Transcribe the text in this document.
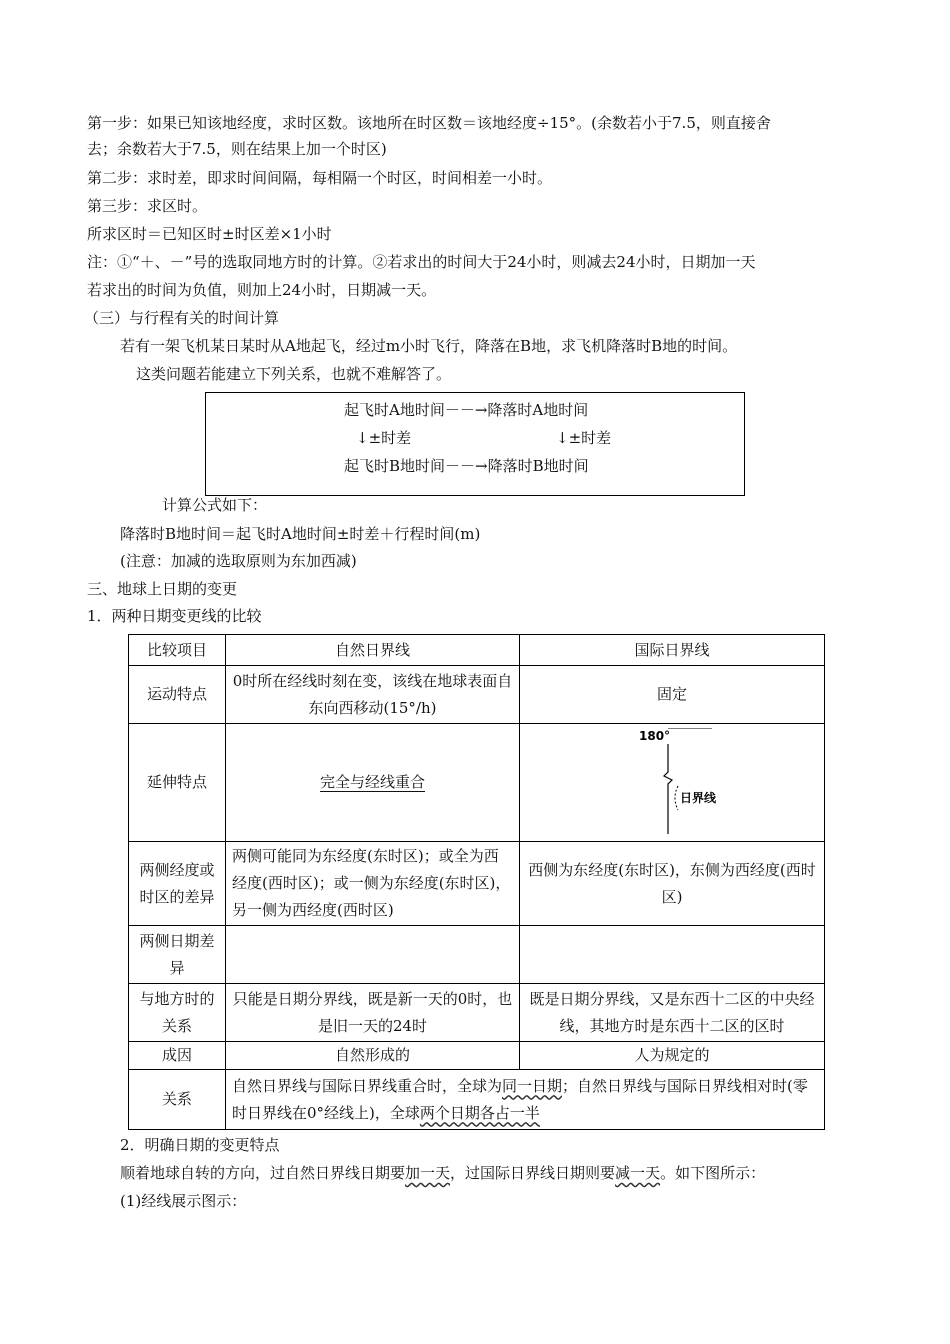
第一步：如果已知该地经度，求时区数。该地所在时区数＝该地经度÷15°。(余数若小于7.5，则直接舍
去；余数若大于7.5，则在结果上加一个时区)
第二步：求时差，即求时间间隔，每相隔一个时区，时间相差一小时。
第三步：求区时。
所求区时＝已知区时±时区差×1小时
注：①“＋、－”号的选取同地方时的计算。②若求出的时间大于24小时，则减去24小时，日期加一天
若求出的时间为负值，则加上24小时，日期减一天。
（三）与行程有关的时间计算
若有一架飞机某日某时从A地起飞，经过m小时飞行，降落在B地，求飞机降落时B地的时间。
这类问题若能建立下列关系，也就不难解答了。
起飞时A地时间－－→降落时A地时间
↓±时差	↓±时差
起飞时B地时间－－→降落时B地时间
计算公式如下：
降落时B地时间＝起飞时A地时间±时差＋行程时间(m)
(注意：加减的选取原则为东加西减)
三、地球上日期的变更
1．两种日期变更线的比较
比较项目	自然日界线	国际日界线
运动特点	0时所在经线时刻在变，该线在地球表面自东向西移动(15°/h)	固定
延伸特点	完全与经线重合	180°
日界线

两侧经度或时区的差异	两侧可能同为东经度(东时区)；或全为西经度(西时区)；或一侧为东经度(东时区)，另一侧为西经度(西时区)	西侧为东经度(东时区)，东侧为西经度(西时区)
两侧日期差异		
与地方时的关系	只能是日期分界线，既是新一天的0时，也是旧一天的24时	既是日期分界线，又是东西十二区的中央经线，其地方时是东西十二区的区时
成因	自然形成的	人为规定的
关系	自然日界线与国际日界线重合时，全球为同一日期；自然日界线与国际日界线相对时(零时日界线在0°经线上)，全球两个日期各占一半	
2．明确日期的变更特点
顺着地球自转的方向，过自然日界线日期要加一天，过国际日界线日期则要减一天。如下图所示：
(1)经线展示图示：
